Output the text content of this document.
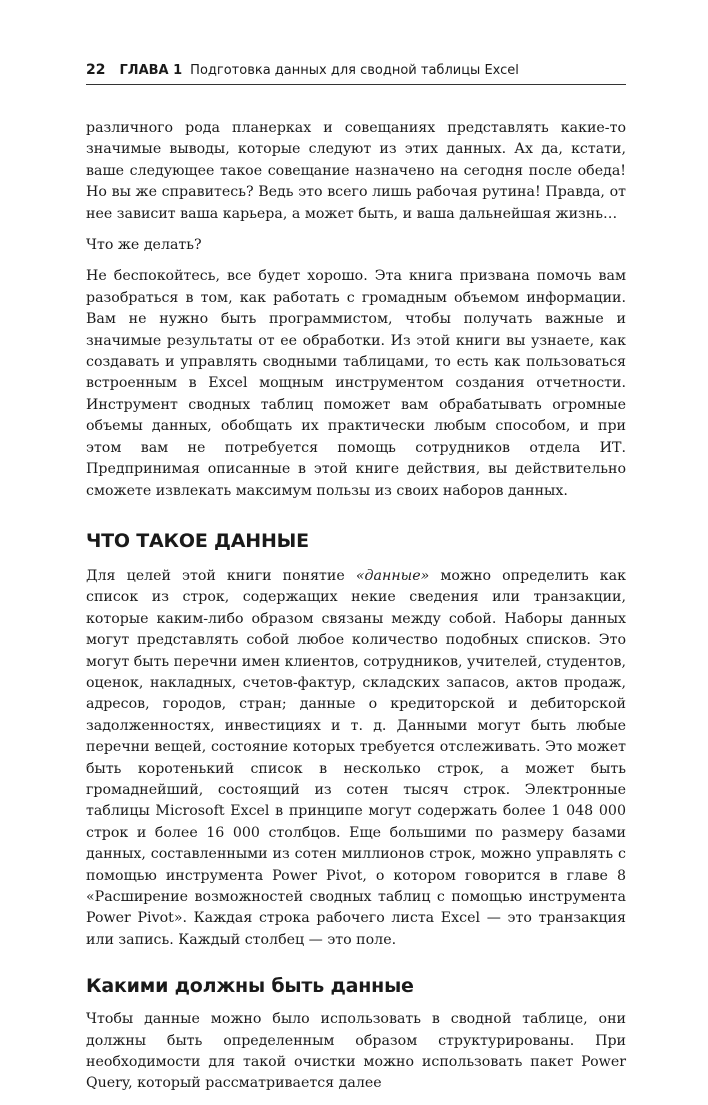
22 ГЛАВА 1 Подготовка данных для сводной таблицы Excel

различного рода планерках и совещаниях представлять какие-то значимые выводы, которые следуют из этих данных. Ах да, кстати, ваше следующее такое совещание назначено на сегодня после обеда! Но вы же справитесь? Ведь это всего лишь рабочая рутина! Правда, от нее зависит ваша карьера, а может быть, и ваша дальнейшая жизнь…

Что же делать?

Не беспокойтесь, все будет хорошо. Эта книга призвана помочь вам разобраться в том, как работать с громадным объемом информации. Вам не нужно быть программистом, чтобы получать важные и значимые результаты от ее обработки. Из этой книги вы узнаете, как создавать и управлять сводными таблицами, то есть как пользоваться встроенным в Excel мощным инструментом создания отчетности. Инструмент сводных таблиц поможет вам обрабатывать огромные объемы данных, обобщать их практически любым способом, и при этом вам не потребуется помощь сотрудников отдела ИТ. Предпринимая описанные в этой книге действия, вы действительно сможете извлекать максимум пользы из своих наборов данных.

ЧТО ТАКОЕ ДАННЫЕ

Для целей этой книги понятие «данные» можно определить как список из строк, содержащих некие сведения или транзакции, которые каким-либо образом связаны между собой. Наборы данных могут представлять собой любое количество подобных списков. Это могут быть перечни имен клиентов, сотрудников, учителей, студентов, оценок, накладных, счетов-фактур, складских запасов, актов продаж, адресов, городов, стран; данные о кредиторской и дебиторской задолженностях, инвестициях и т. д. Данными могут быть любые перечни вещей, состояние которых требуется отслеживать. Это может быть коротенький список в несколько строк, а может быть громаднейший, состоящий из сотен тысяч строк. Электронные таблицы Microsoft Excel в принципе могут содержать более 1 048 000 строк и более 16 000 столбцов. Еще большими по размеру базами данных, составленными из сотен миллионов строк, можно управлять с помощью инструмента Power Pivot, о котором говорится в главе 8 «Расширение возможностей сводных таблиц с помощью инструмента Power Pivot». Каждая строка рабочего листа Excel — это транзакция или запись. Каждый столбец — это поле.

Какими должны быть данные

Чтобы данные можно было использовать в сводной таблице, они должны быть определенным образом структурированы. При необходимости для такой очистки можно использовать пакет Power Query, который рассматривается далее
